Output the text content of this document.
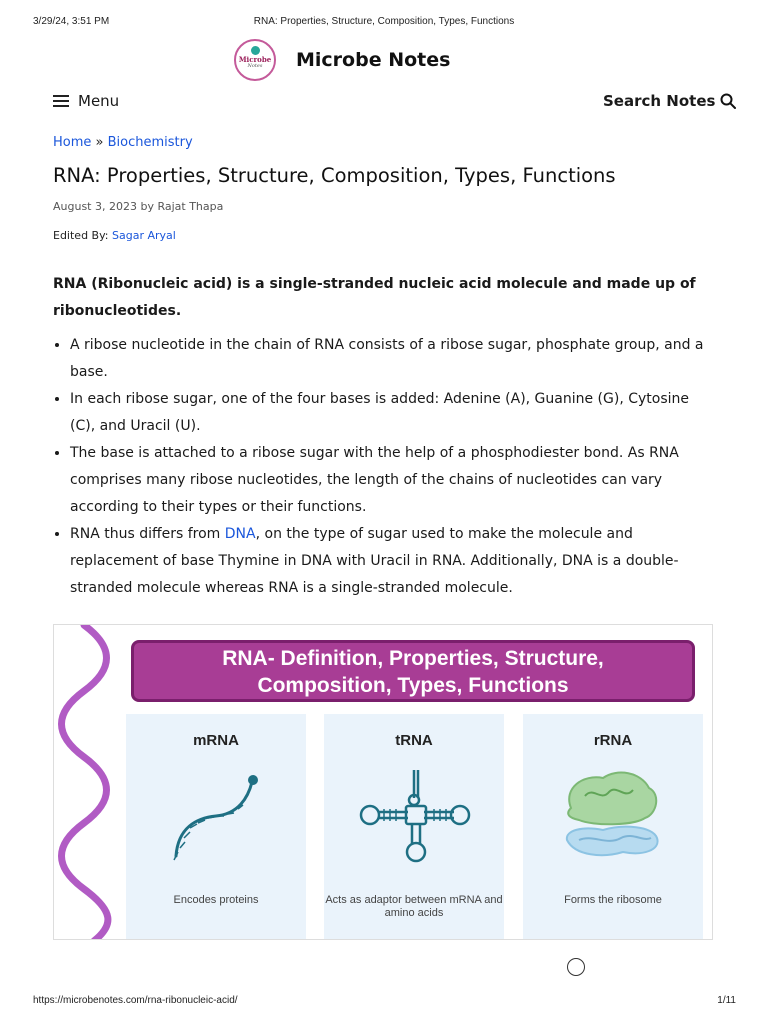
3/29/24, 3:51 PM	RNA: Properties, Structure, Composition, Types, Functions
Microbe
Notes	Microbe Notes
Menu	Search Notes
Home » Biochemistry
RNA: Properties, Structure, Composition, Types, Functions
August 3, 2023 by Rajat Thapa
Edited By: Sagar Aryal

RNA (Ribonucleic acid) is a single-stranded nucleic acid molecule and made up of ribonucleotides.

• A ribose nucleotide in the chain of RNA consists of a ribose sugar, phosphate group, and a base.
• In each ribose sugar, one of the four bases is added: Adenine (A), Guanine (G), Cytosine (C), and Uracil (U).
• The base is attached to a ribose sugar with the help of a phosphodiester bond. As RNA comprises many ribose nucleotides, the length of the chains of nucleotides can vary according to their types or their functions.
• RNA thus differs from DNA, on the type of sugar used to make the molecule and replacement of base Thymine in DNA with Uracil in RNA. Additionally, DNA is a double-stranded molecule whereas RNA is a single-stranded molecule.
RNA- Definition, Properties, Structure,
Composition, Types, Functions
mRNA
Encodes proteins
tRNA
Acts as adaptor between mRNA and amino acids
rRNA
Forms the ribosome
https://microbenotes.com/rna-ribonucleic-acid/	1/11
